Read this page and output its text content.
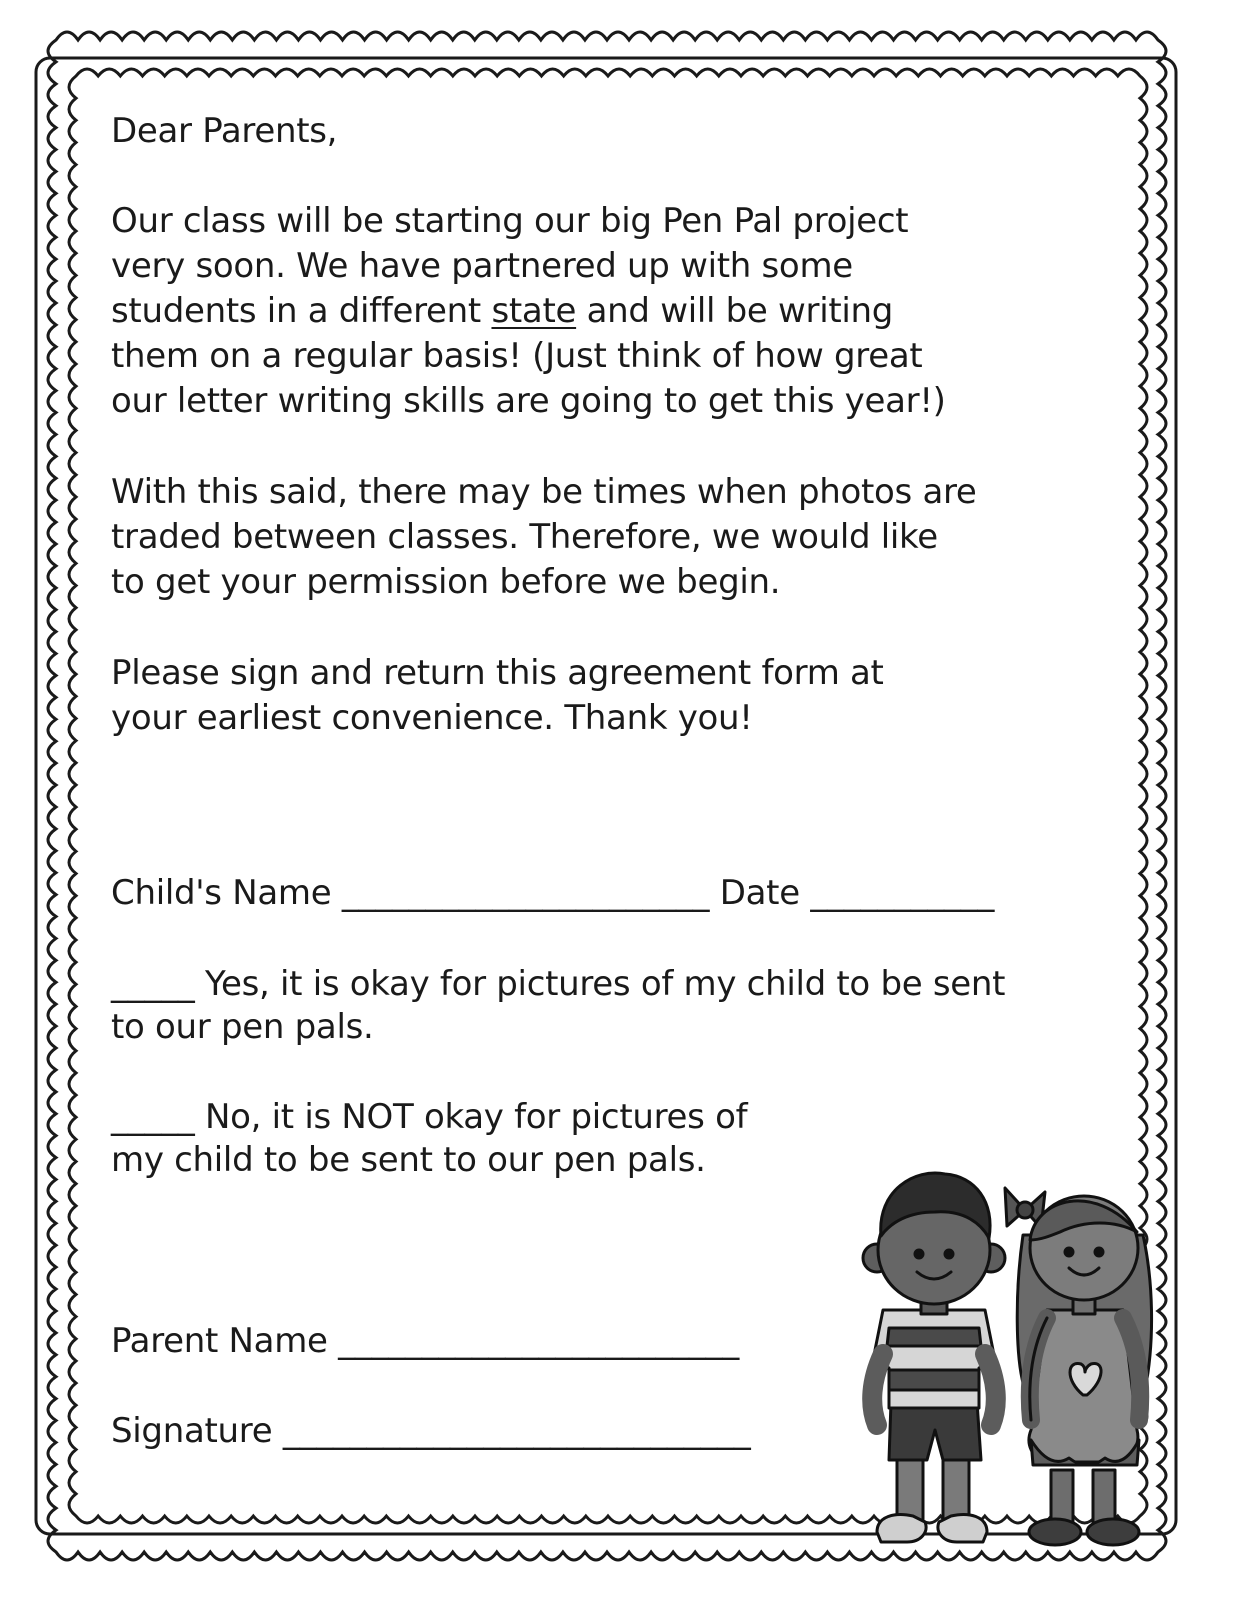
Dear Parents,

Our class will be starting our big Pen Pal project

very soon. We have partnered up with some

students in a different state and will be writing

them on a regular basis! (Just think of how great

our letter writing skills are going to get this year!)

With this said, there may be times when photos are

traded between classes. Therefore, we would like

to get your permission before we begin.

Please sign and return this agreement form at

your earliest convenience. Thank you!

Child's Name ______________________ Date ___________

_____ Yes, it is okay for pictures of my child to be sent

to our pen pals.

_____ No, it is NOT okay for pictures of

my child to be sent to our pen pals.

Parent Name ________________________

Signature ____________________________
